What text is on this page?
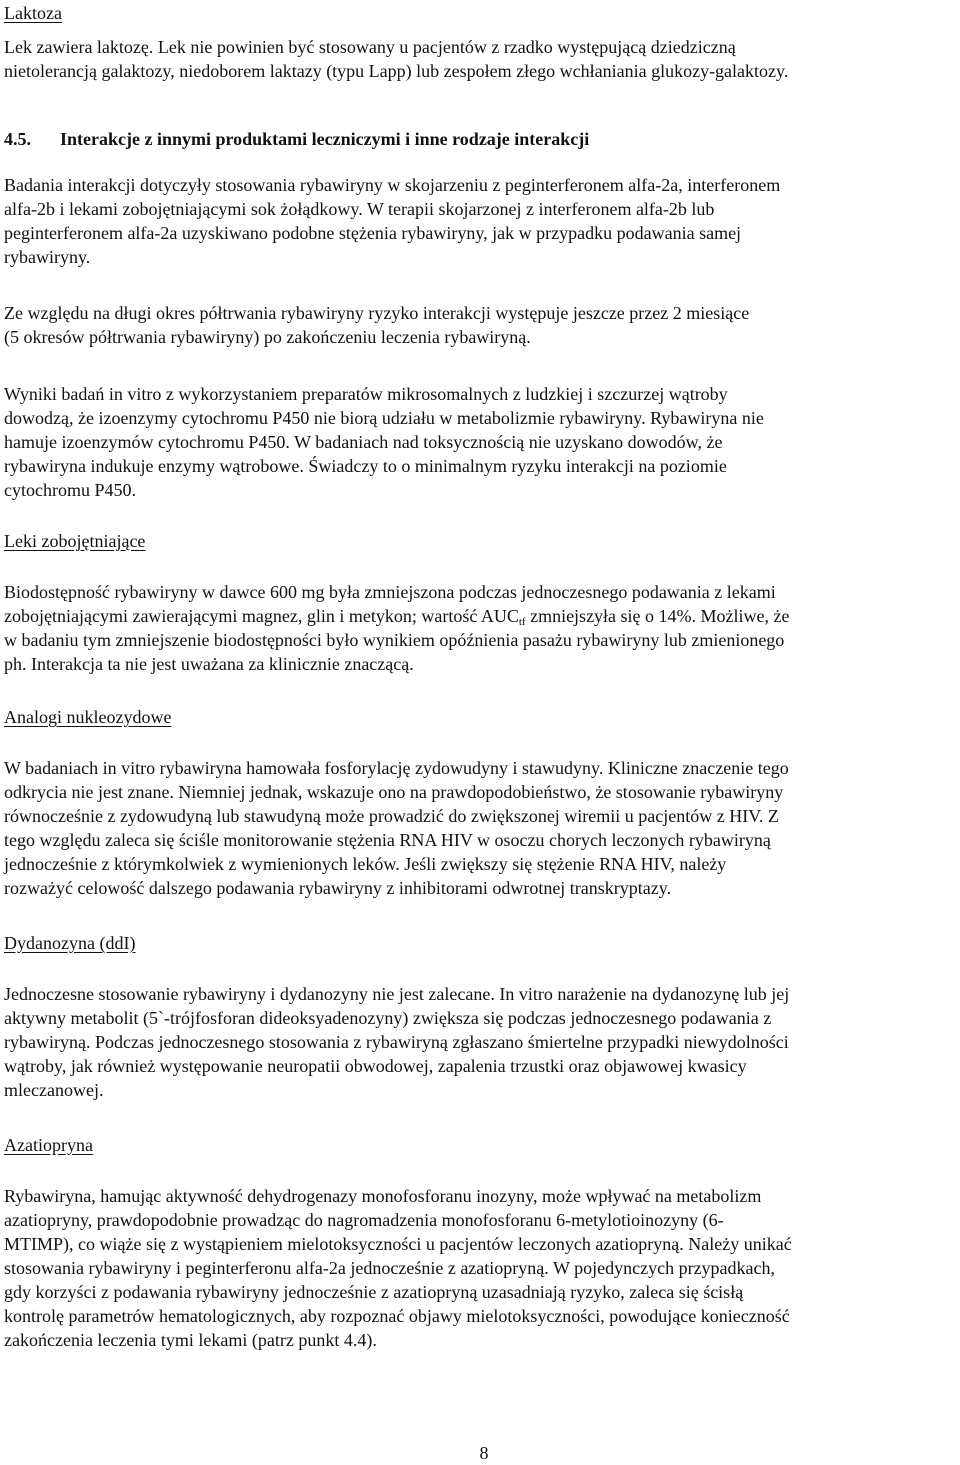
Laktoza
Lek zawiera laktozę. Lek nie powinien być stosowany u pacjentów z rzadko występującą dziedziczną
nietolerancją galaktozy, niedoborem laktazy (typu Lapp) lub zespołem złego wchłaniania glukozy-galaktozy.
4.5. Interakcje z innymi produktami leczniczymi i inne rodzaje interakcji
Badania interakcji dotyczyły stosowania rybawiryny w skojarzeniu z peginterferonem alfa-2a, interferonem
alfa-2b i lekami zobojętniającymi sok żołądkowy. W terapii skojarzonej z interferonem alfa-2b lub
peginterferonem alfa-2a uzyskiwano podobne stężenia rybawiryny, jak w przypadku podawania samej
rybawiryny.
Ze względu na długi okres półtrwania rybawiryny ryzyko interakcji występuje jeszcze przez 2 miesiące
(5 okresów półtrwania rybawiryny) po zakończeniu leczenia rybawiryną.
Wyniki badań in vitro z wykorzystaniem preparatów mikrosomalnych z ludzkiej i szczurzej wątroby
dowodzą, że izoenzymy cytochromu P450 nie biorą udziału w metabolizmie rybawiryny. Rybawiryna nie
hamuje izoenzymów cytochromu P450. W badaniach nad toksycznością nie uzyskano dowodów, że
rybawiryna indukuje enzymy wątrobowe. Świadczy to o minimalnym ryzyku interakcji na poziomie
cytochromu P450.
Leki zobojętniające
Biodostępność rybawiryny w dawce 600 mg była zmniejszona podczas jednoczesnego podawania z lekami
zobojętniającymi zawierającymi magnez, glin i metykon; wartość $AUC_{tf}$ zmniejszyła się o 14%. Możliwe, że
w badaniu tym zmniejszenie biodostępności było wynikiem opóźnienia pasażu rybawiryny lub zmienionego
ph. Interakcja ta nie jest uważana za klinicznie znaczącą.
Analogi nukleozydowe
W badaniach in vitro rybawiryna hamowała fosforylację zydowudyny i stawudyny. Kliniczne znaczenie tego
odkrycia nie jest znane. Niemniej jednak, wskazuje ono na prawdopodobieństwo, że stosowanie rybawiryny
równocześnie z zydowudyną lub stawudyną może prowadzić do zwiększonej wiremii u pacjentów z HIV. Z
tego względu zaleca się ściśle monitorowanie stężenia RNA HIV w osoczu chorych leczonych rybawiryną
jednocześnie z którymkolwiek z wymienionych leków. Jeśli zwiększy się stężenie RNA HIV, należy
rozważyć celowość dalszego podawania rybawiryny z inhibitorami odwrotnej transkryptazy.
Dydanozyna (ddI)
Jednoczesne stosowanie rybawiryny i dydanozyny nie jest zalecane. In vitro narażenie na dydanozynę lub jej
aktywny metabolit (5`-trójfosforan dideoksyadenozyny) zwiększa się podczas jednoczesnego podawania z
rybawiryną. Podczas jednoczesnego stosowania z rybawiryną zgłaszano śmiertelne przypadki niewydolności
wątroby, jak również występowanie neuropatii obwodowej, zapalenia trzustki oraz objawowej kwasicy
mleczanowej.
Azatiopryna
Rybawiryna, hamując aktywność dehydrogenazy monofosforanu inozyny, może wpływać na metabolizm
azatiopryny, prawdopodobnie prowadząc do nagromadzenia monofosforanu 6-metylotioinozyny (6-
MTIMP), co wiąże się z wystąpieniem mielotoksyczności u pacjentów leczonych azatiopryną. Należy unikać
stosowania rybawiryny i peginterferonu alfa-2a jednocześnie z azatiopryną. W pojedynczych przypadkach,
gdy korzyści z podawania rybawiryny jednocześnie z azatiopryną uzasadniają ryzyko, zaleca się ścisłą
kontrolę parametrów hematologicznych, aby rozpoznać objawy mielotoksyczności, powodujące konieczność
zakończenia leczenia tymi lekami (patrz punkt 4.4).
8
